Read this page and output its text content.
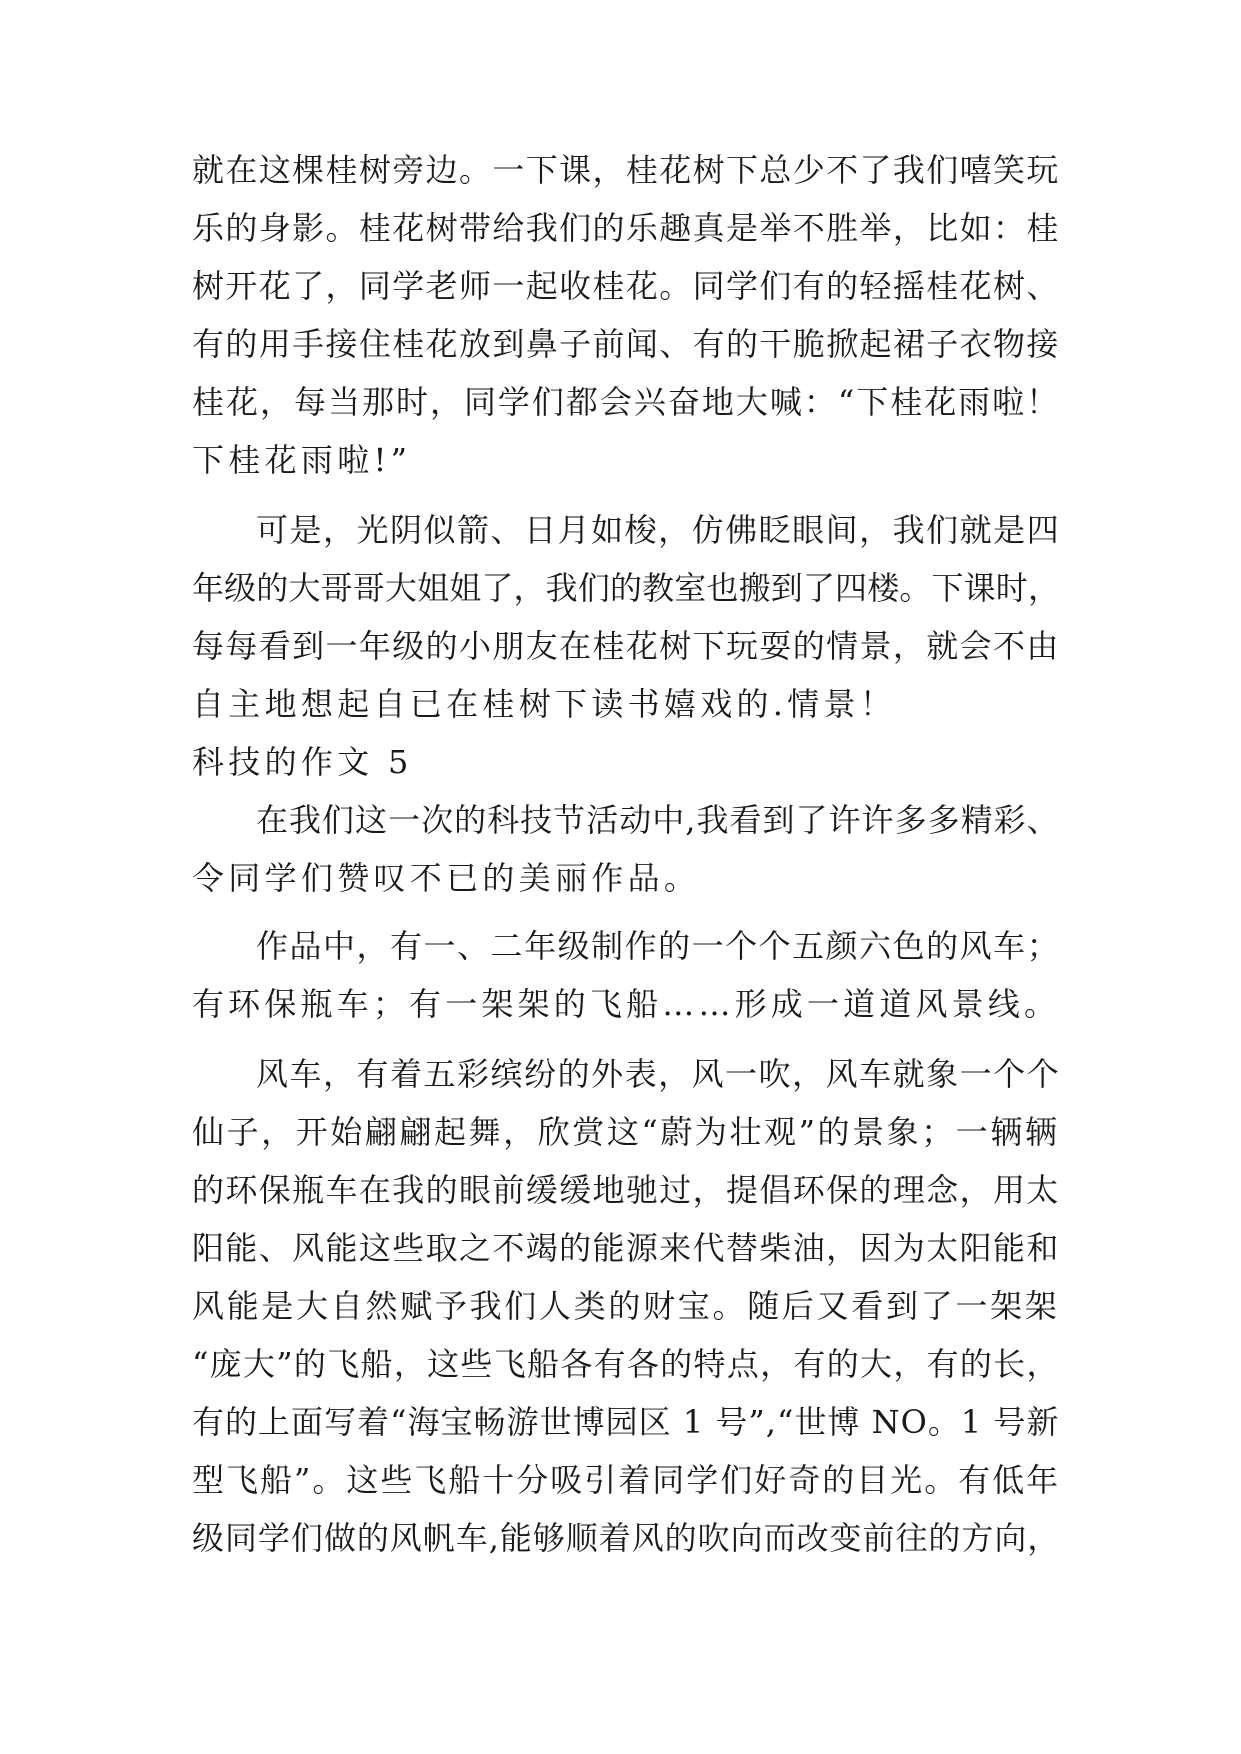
就在这棵桂树旁边。一下课，桂花树下总少不了我们嘻笑玩
乐的身影。桂花树带给我们的乐趣真是举不胜举，比如：桂
树开花了，同学老师一起收桂花。同学们有的轻摇桂花树、
有的用手接住桂花放到鼻子前闻、有的干脆掀起裙子衣物接
桂花，每当那时，同学们都会兴奋地大喊：“下桂花雨啦！
下桂花雨啦!”
可是，光阴似箭、日月如梭，仿佛眨眼间，我们就是四
年级的大哥哥大姐姐了，我们的教室也搬到了四楼。下课时，
每每看到一年级的小朋友在桂花树下玩耍的情景，就会不由
自主地想起自已在桂树下读书嬉戏的.情景！
科技的作文 5
在我们这一次的科技节活动中,我看到了许许多多精彩、
令同学们赞叹不已的美丽作品。
作品中，有一、二年级制作的一个个五颜六色的风车；
有环保瓶车；有一架架的飞船……形成一道道风景线。
风车，有着五彩缤纷的外表，风一吹，风车就象一个个
仙子，开始翩翩起舞，欣赏这“蔚为壮观”的景象；一辆辆
的环保瓶车在我的眼前缓缓地驰过，提倡环保的理念，用太
阳能、风能这些取之不竭的能源来代替柴油，因为太阳能和
风能是大自然赋予我们人类的财宝。随后又看到了一架架
“庞大”的飞船，这些飞船各有各的特点，有的大，有的长，
有的上面写着“海宝畅游世博园区 1 号”,“世博 NO。1 号新
型飞船”。这些飞船十分吸引着同学们好奇的目光。有低年
级同学们做的风帆车,能够顺着风的吹向而改变前往的方向，
